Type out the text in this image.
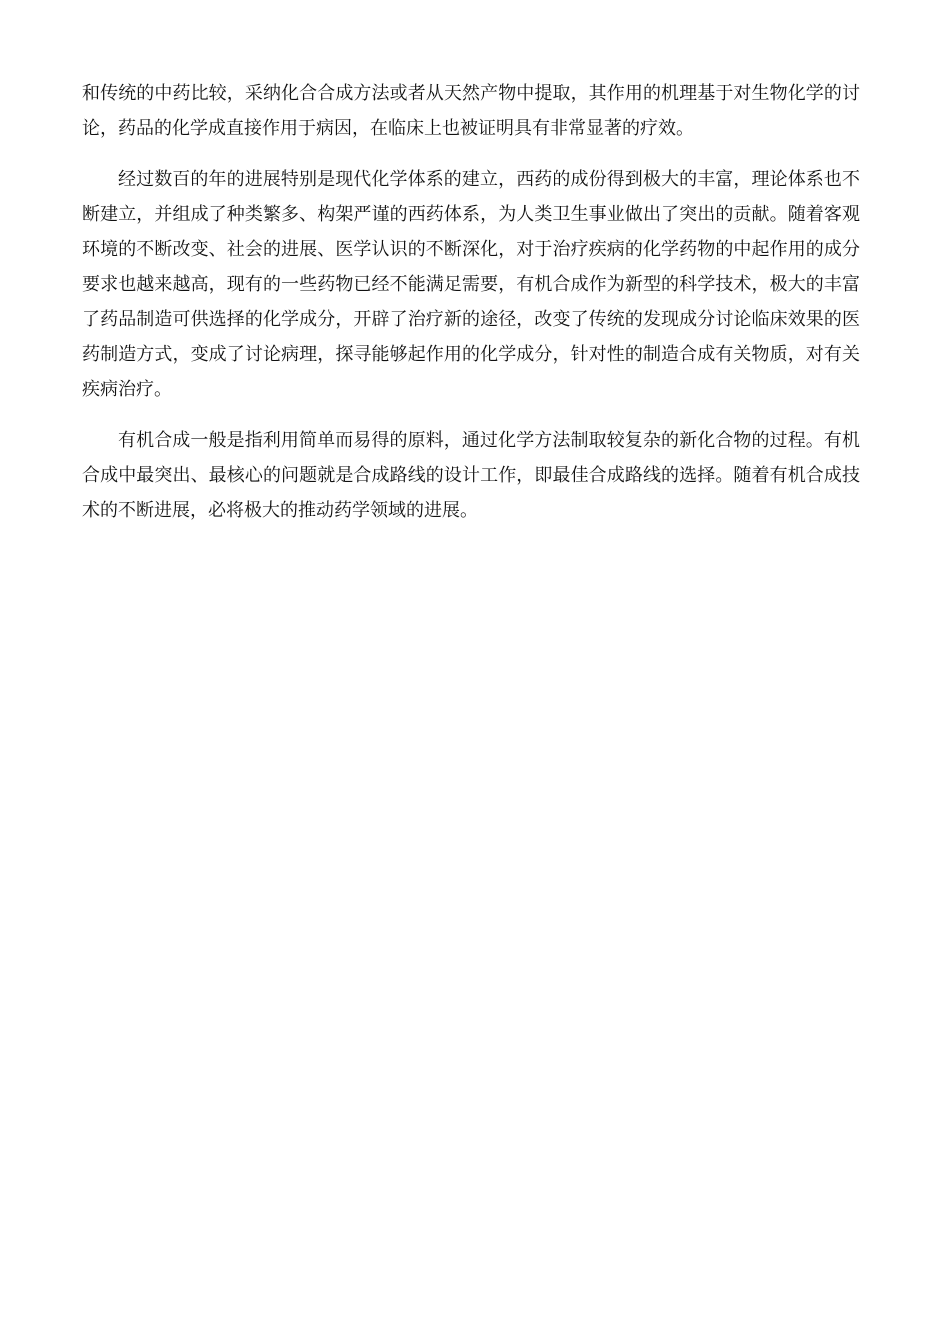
和传统的中药比较，采纳化合合成方法或者从天然产物中提取，其作用的机理基于对生物化学的讨论，药品的化学成直接作用于病因，在临床上也被证明具有非常显著的疗效。

经过数百的年的进展特别是现代化学体系的建立，西药的成份得到极大的丰富，理论体系也不断建立，并组成了种类繁多、构架严谨的西药体系，为人类卫生事业做出了突出的贡献。随着客观环境的不断改变、社会的进展、医学认识的不断深化，对于治疗疾病的化学药物的中起作用的成分要求也越来越高，现有的一些药物已经不能满足需要，有机合成作为新型的科学技术，极大的丰富了药品制造可供选择的化学成分，开辟了治疗新的途径，改变了传统的发现成分讨论临床效果的医药制造方式，变成了讨论病理，探寻能够起作用的化学成分，针对性的制造合成有关物质，对有关疾病治疗。

有机合成一般是指利用简单而易得的原料，通过化学方法制取较复杂的新化合物的过程。有机合成中最突出、最核心的问题就是合成路线的设计工作，即最佳合成路线的选择。随着有机合成技术的不断进展，必将极大的推动药学领域的进展。
